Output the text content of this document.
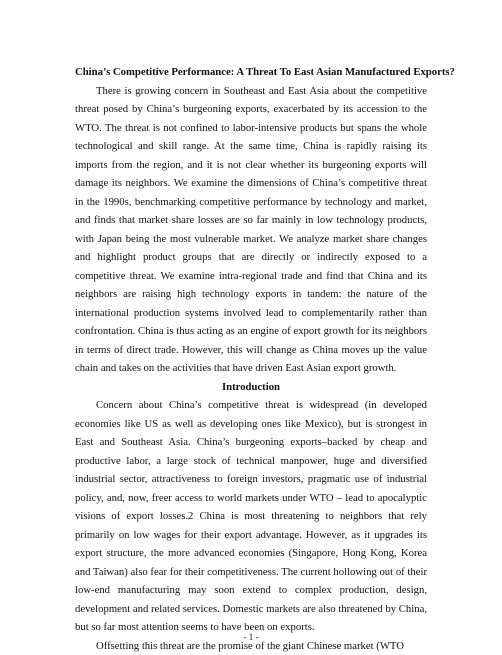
China’s Competitive Performance: A Threat To East Asian Manufactured Exports?

There is growing concern in Southeast and East Asia about the competitive threat posed by China’s burgeoning exports, exacerbated by its accession to the WTO. The threat is not confined to labor-intensive products but spans the whole technological and skill range. At the same time, China is rapidly raising its imports from the region, and it is not clear whether its burgeoning exports will damage its neighbors. We examine the dimensions of China’s competitive threat in the 1990s, benchmarking competitive performance by technology and market, and finds that market share losses are so far mainly in low technology products, with Japan being the most vulnerable market. We analyze market share changes and highlight product groups that are directly or indirectly exposed to a competitive threat. We examine intra-regional trade and find that China and its neighbors are raising high technology exports in tandem: the nature of the international production systems involved lead to complementarily rather than confrontation. China is thus acting as an engine of export growth for its neighbors in terms of direct trade. However, this will change as China moves up the value chain and takes on the activities that have driven East Asian export growth.

Introduction

Concern about China’s competitive threat is widespread (in developed economies like US as well as developing ones like Mexico), but is strongest in East and Southeast Asia. China’s burgeoning exports–backed by cheap and productive labor, a large stock of technical manpower, huge and diversified industrial sector, attractiveness to foreign investors, pragmatic use of industrial policy, and, now, freer access to world markets under WTO – lead to apocalyptic visions of export losses.2 China is most threatening to neighbors that rely primarily on low wages for their export advantage. However, as it upgrades its export structure, the more advanced economies (Singapore, Hong Kong, Korea and Taiwan) also fear for their competitiveness. The current hollowing out of their low-end manufacturing may soon extend to complex production, design, development and related services. Domestic markets are also threatened by China, but so far most attention seems to have been on exports.

Offsetting this threat are the promise of the giant Chinese market (WTO

- 1 -
